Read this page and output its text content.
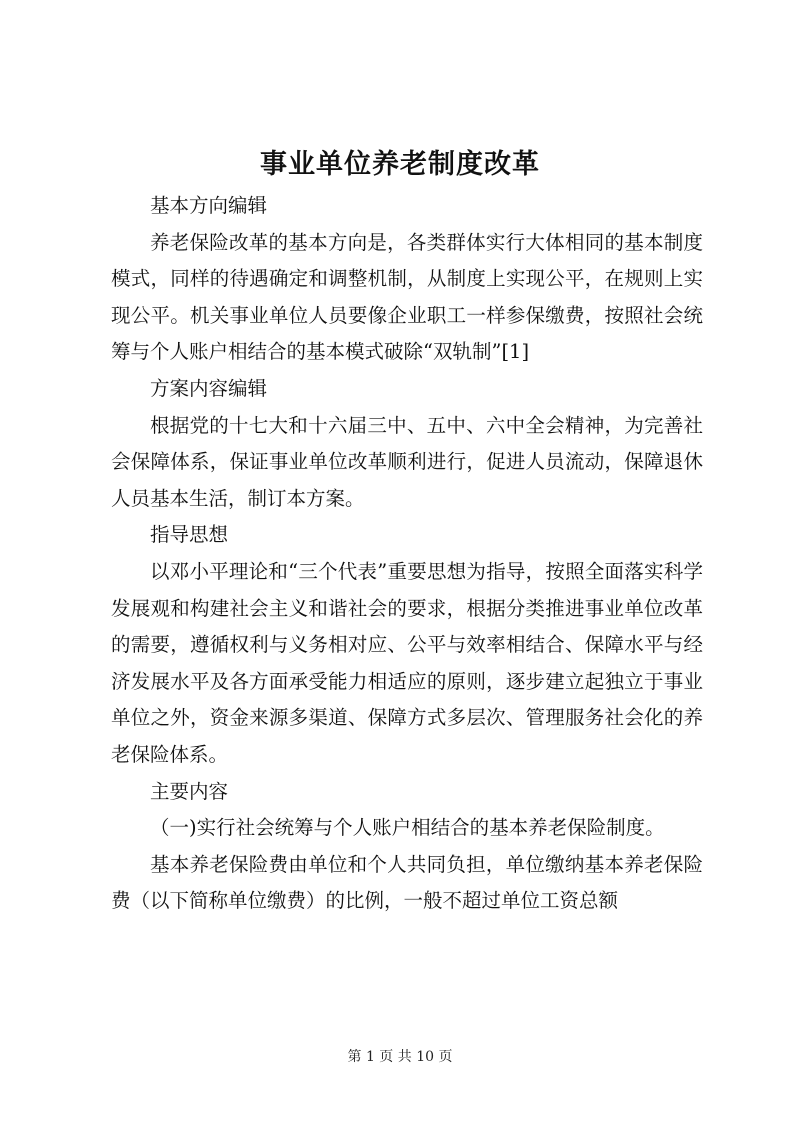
事业单位养老制度改革

基本方向编辑

养老保险改革的基本方向是，各类群体实行大体相同的基本制度模式，同样的待遇确定和调整机制，从制度上实现公平，在规则上实现公平。机关事业单位人员要像企业职工一样参保缴费，按照社会统筹与个人账户相结合的基本模式破除“双轨制”[1]

方案内容编辑

根据党的十七大和十六届三中、五中、六中全会精神，为完善社会保障体系，保证事业单位改革顺利进行，促进人员流动，保障退休人员基本生活，制订本方案。

指导思想

以邓小平理论和“三个代表”重要思想为指导，按照全面落实科学发展观和构建社会主义和谐社会的要求，根据分类推进事业单位改革的需要，遵循权利与义务相对应、公平与效率相结合、保障水平与经济发展水平及各方面承受能力相适应的原则，逐步建立起独立于事业单位之外，资金来源多渠道、保障方式多层次、管理服务社会化的养老保险体系。

主要内容

（一)实行社会统筹与个人账户相结合的基本养老保险制度。

基本养老保险费由单位和个人共同负担，单位缴纳基本养老保险费（以下简称单位缴费）的比例，一般不超过单位工资总额

第 1 页 共 10 页
